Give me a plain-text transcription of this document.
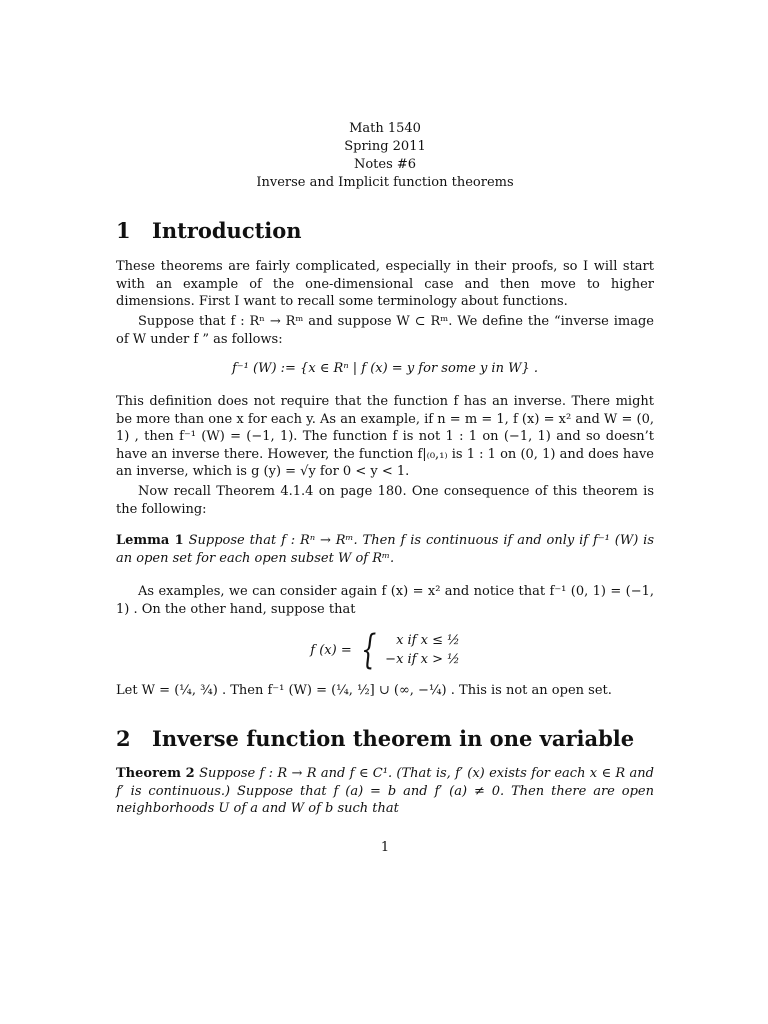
Math 1540
Spring 2011
Notes #6
Inverse and Implicit function theorems
1 Introduction

These theorems are fairly complicated, especially in their proofs, so I will start with an example of the one-dimensional case and then move to higher dimensions. First I want to recall some terminology about functions.

Suppose that f : Rⁿ → Rᵐ and suppose W ⊂ Rᵐ. We define the “inverse image of W under f ” as follows:

f⁻¹ (W) := {x ∈ Rⁿ | f (x) = y for some y in W} .

This definition does not require that the function f has an inverse. There might be more than one x for each y. As an example, if n = m = 1, f (x) = x² and W = (0, 1) , then f⁻¹ (W) = (−1, 1). The function f is not 1 : 1 on (−1, 1) and so doesn’t have an inverse there. However, the function f|₍₀,₁₎ is 1 : 1 on (0, 1) and does have an inverse, which is g (y) = √y for 0 < y < 1.

Now recall Theorem 4.1.4 on page 180. One consequence of this theorem is the following:

Lemma 1 Suppose that f : Rⁿ → Rᵐ. Then f is continuous if and only if f⁻¹ (W) is an open set for each open subset W of Rᵐ.

As examples, we can consider again f (x) = x² and notice that f⁻¹ (0, 1) = (−1, 1) . On the other hand, suppose that

f (x) = {	x if x ≤ ½
−x if x > ½

Let W = (¼, ¾) . Then f⁻¹ (W) = (¼, ½] ∪ (∞, −¼) . This is not an open set.

2 Inverse function theorem in one variable

Theorem 2 Suppose f : R → R and f ∈ C¹. (That is, f′ (x) exists for each x ∈ R and f′ is continuous.) Suppose that f (a) = b and f′ (a) ≠ 0. Then there are open neighborhoods U of a and W of b such that

1
